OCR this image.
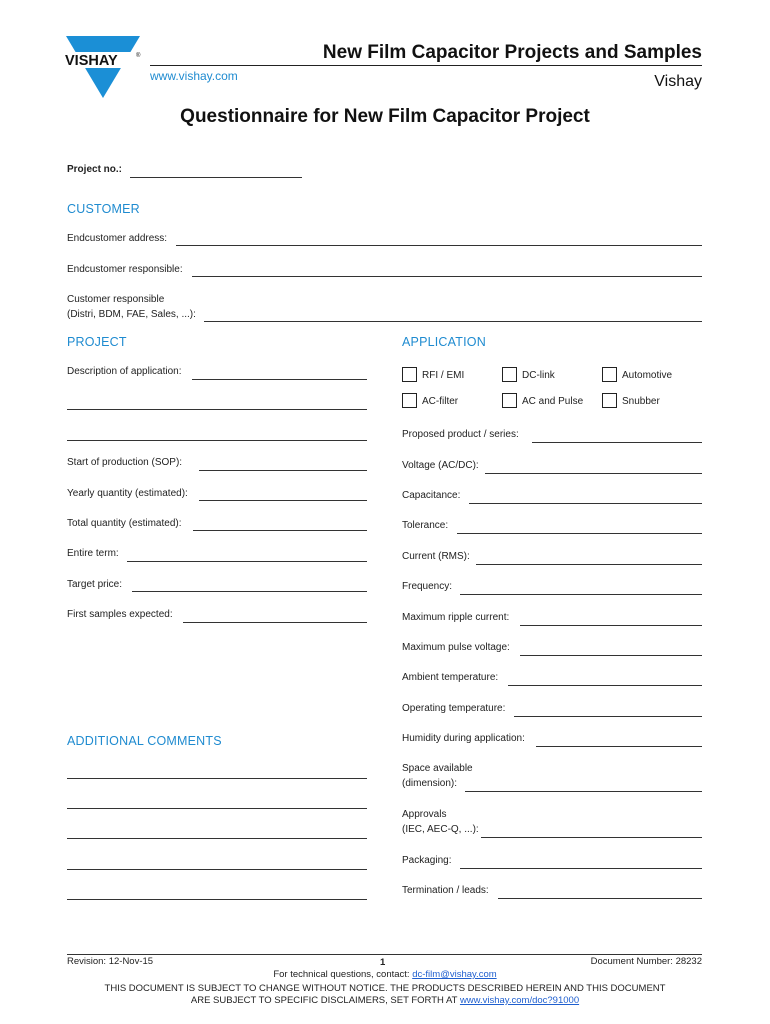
VISHAY	®	New Film Capacitor Projects and Samples
www.vishay.com	Vishay
Questionnaire for New Film Capacitor Project
Project no.:
CUSTOMER
Endcustomer address:
Endcustomer responsible:
Customer responsible
(Distri, BDM, FAE, Sales, ...):
PROJECT
Description of application:
Start of production (SOP):
Yearly quantity (estimated):
Total quantity (estimated):
Entire term:
Target price:
First samples expected:
APPLICATION
RFI / EMI	DC-link	Automotive
AC-filter	AC and Pulse	Snubber
Proposed product / series:
Voltage (AC/DC):
Capacitance:
Tolerance:
Current (RMS):
Frequency:
Maximum ripple current:
Maximum pulse voltage:
Ambient temperature:
Operating temperature:
Humidity during application:
Space available
(dimension):
Approvals
(IEC, AEC-Q, ...):
Packaging:
Termination / leads:
ADDITIONAL COMMENTS
Revision: 12-Nov-15	1	Document Number: 28232
For technical questions, contact: dc-film@vishay.com
THIS DOCUMENT IS SUBJECT TO CHANGE WITHOUT NOTICE. THE PRODUCTS DESCRIBED HEREIN AND THIS DOCUMENT
ARE SUBJECT TO SPECIFIC DISCLAIMERS, SET FORTH AT www.vishay.com/doc?91000
